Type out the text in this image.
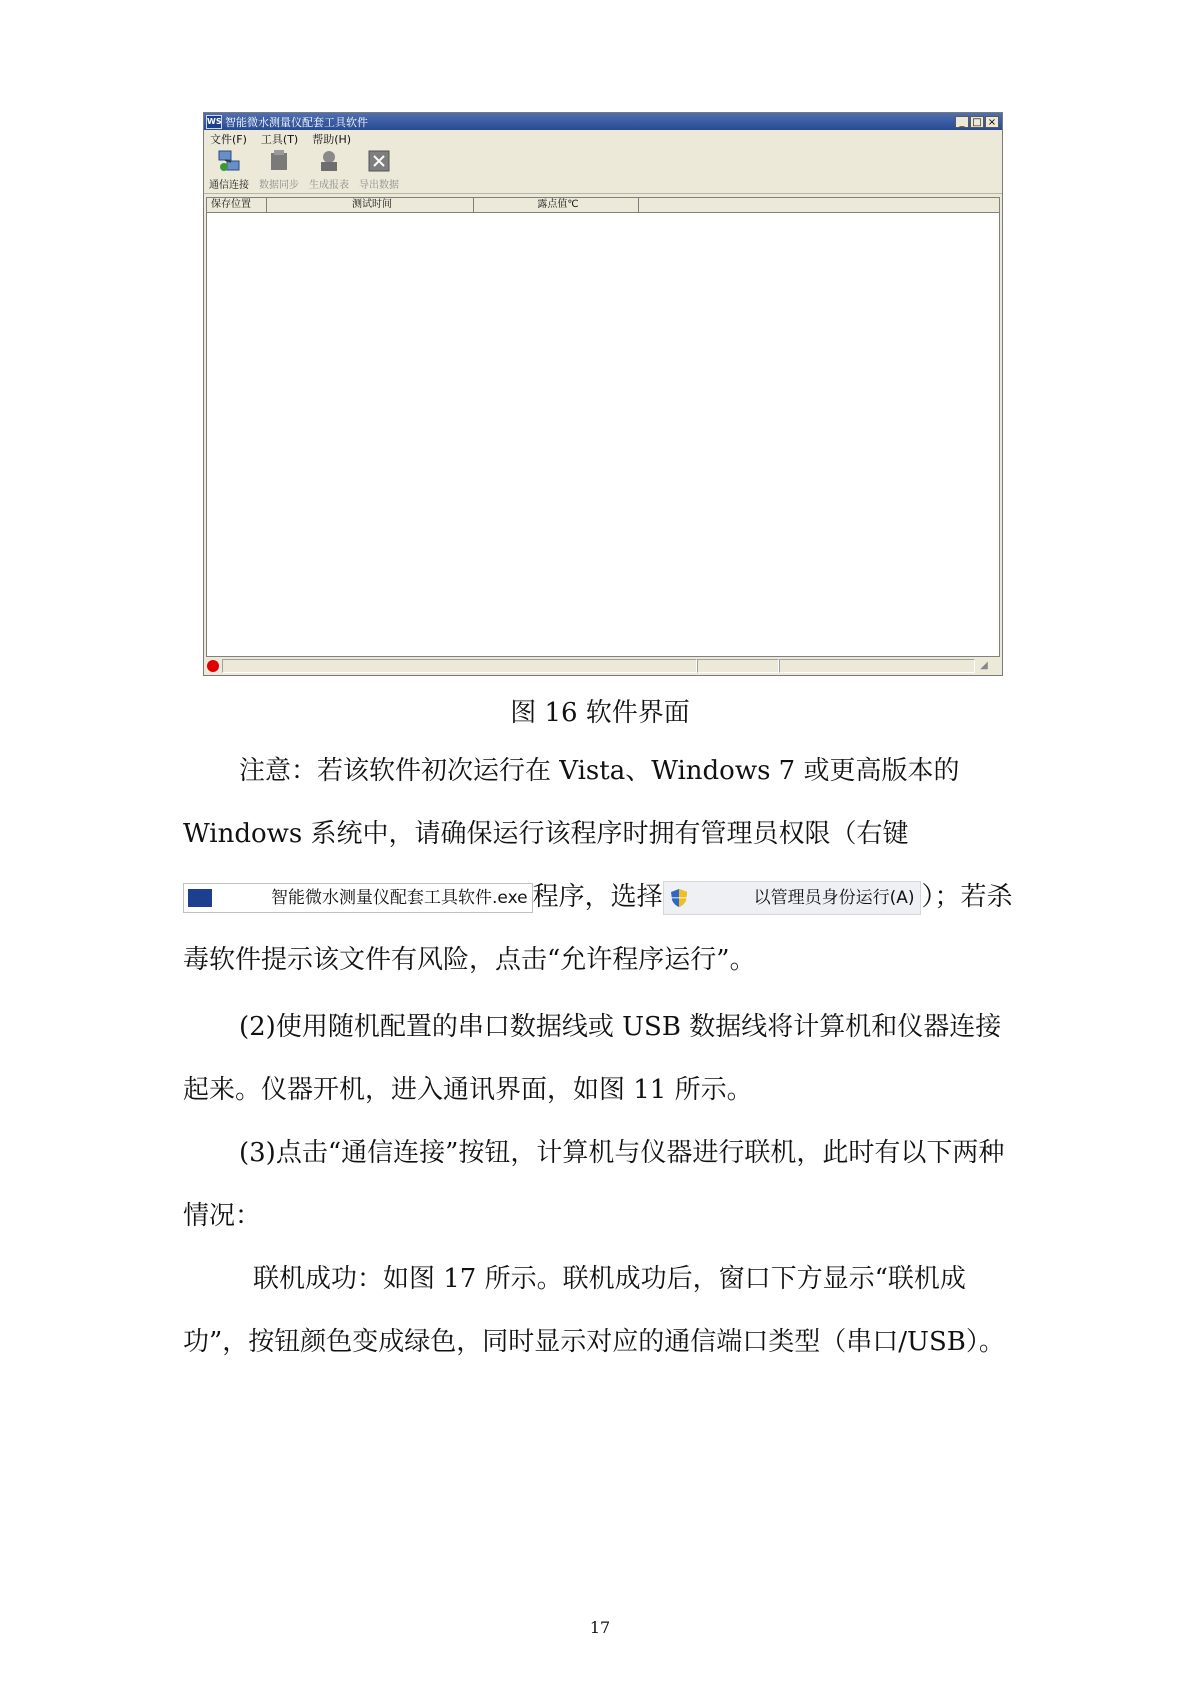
WS 智能微水测量仪配套工具软件	_ □ ×
文件(F) 工具(T) 帮助(H)
通信连接 数据同步 生成报表 导出数据
保存位置	测试时间	露点值℃
◢
图 16 软件界面
注意：若该软件初次运行在 Vista、Windows 7 或更高版本的 Windows 系统中，请确保运行该程序时拥有管理员权限（右键
WS 智能微水测量仪配套工具软件.exe 程序，选择	以管理员身份运行(A) ）；若杀毒软件提示该文件有风险，点击“允许程序运行”。
(2)使用随机配置的串口数据线或 USB 数据线将计算机和仪器连接起来。仪器开机，进入通讯界面，如图 11 所示。
(3)点击“通信连接”按钮，计算机与仪器进行联机，此时有以下两种情况：
联机成功：如图 17 所示。联机成功后，窗口下方显示“联机成功”，按钮颜色变成绿色，同时显示对应的通信端口类型（串口/USB）。
17
